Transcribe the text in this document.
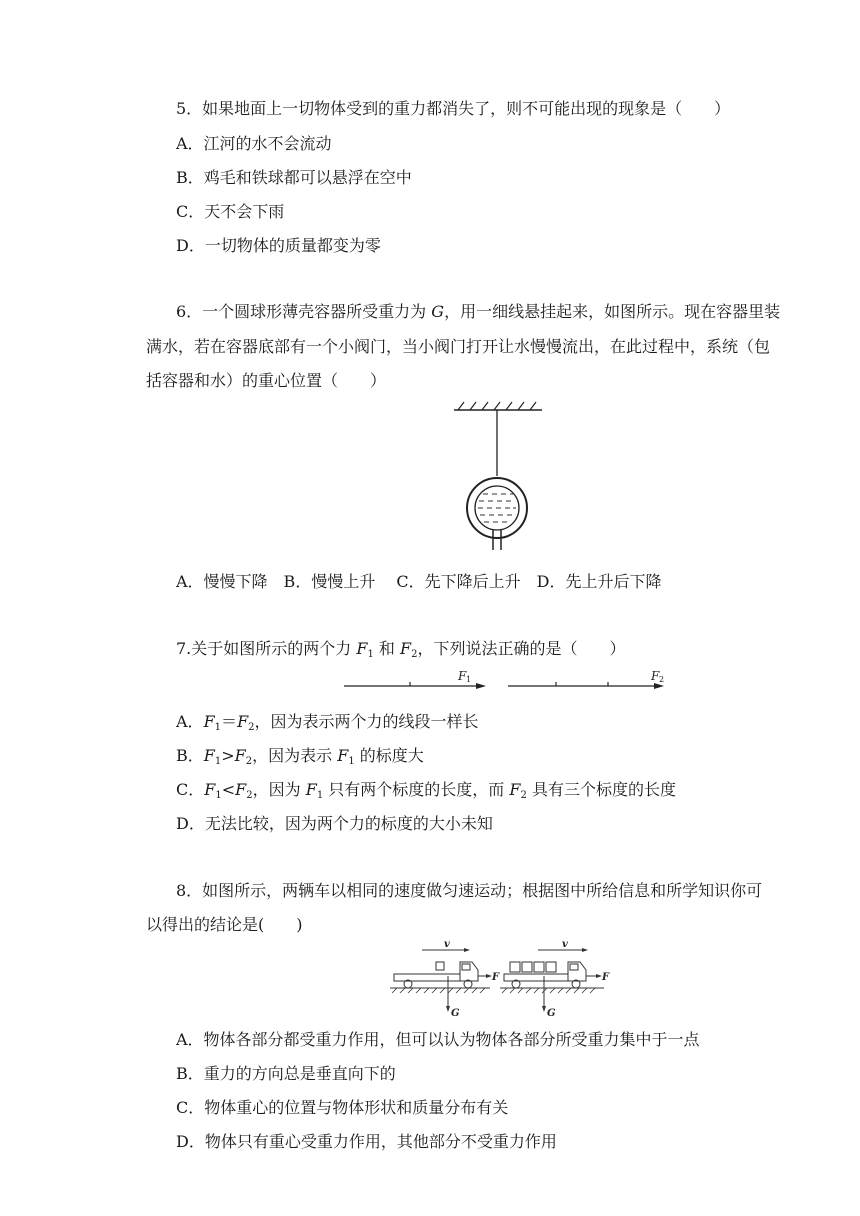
5．如果地面上一切物体受到的重力都消失了，则不可能出现的现象是（　　）
A．江河的水不会流动
B．鸡毛和铁球都可以悬浮在空中
C．天不会下雨
D．一切物体的质量都变为零
6．一个圆球形薄壳容器所受重力为 G，用一细线悬挂起来，如图所示。现在容器里装
满水，若在容器底部有一个小阀门，当小阀门打开让水慢慢流出，在此过程中，系统（包
括容器和水）的重心位置（　　）
A．慢慢下降　B．慢慢上升　 C．先下降后上升　D．先上升后下降
7.关于如图所示的两个力 $F_1$ 和 $F_2$，下列说法正确的是（　　）
F 1	F 2
A．$F_1=F_2$，因为表示两个力的线段一样长
B．$F_1>F_2$，因为表示 $F_1$ 的标度大
C．$F_1<F_2$，因为 $F_1$ 只有两个标度的长度，而 $F_2$ 具有三个标度的长度
D．无法比较，因为两个力的标度的大小未知
8．如图所示，两辆车以相同的速度做匀速运动；根据图中所给信息和所学知识你可
以得出的结论是(　　)
v	v
F	F
G	G
A．物体各部分都受重力作用，但可以认为物体各部分所受重力集中于一点
B．重力的方向总是垂直向下的
C．物体重心的位置与物体形状和质量分布有关
D．物体只有重心受重力作用，其他部分不受重力作用
